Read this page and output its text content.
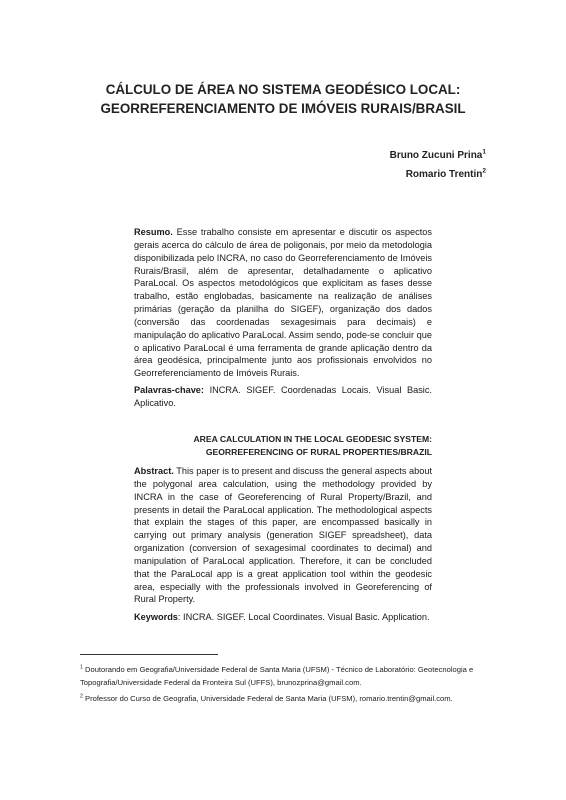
CÁLCULO DE ÁREA NO SISTEMA GEODÉSICO LOCAL:
GEORREFERENCIAMENTO DE IMÓVEIS RURAIS/BRASIL
Bruno Zucuni Prina$^1$
Romario Trentin$^2$
Resumo. Esse trabalho consiste em apresentar e discutir os aspectos gerais acerca do cálculo de área de poligonais, por meio da metodologia disponibilizada pelo INCRA, no caso do Georreferenciamento de Imóveis Rurais/Brasil, além de apresentar, detalhadamente o aplicativo ParaLocal. Os aspectos metodológicos que explicitam as fases desse trabalho, estão englobadas, basicamente na realização de análises primárias (geração da planilha do SIGEF), organização dos dados (conversão das coordenadas sexagesimais para decimais) e manipulação do aplicativo ParaLocal. Assim sendo, pode-se concluir que o aplicativo ParaLocal é uma ferramenta de grande aplicação dentro da área geodésica, principalmente junto aos profissionais envolvidos no Georreferenciamento de Imóveis Rurais.
Palavras-chave: INCRA. SIGEF. Coordenadas Locais. Visual Basic. Aplicativo.
AREA CALCULATION IN THE LOCAL GEODESIC SYSTEM:
GEORREFERENCING OF RURAL PROPERTIES/BRAZIL
Abstract. This paper is to present and discuss the general aspects about the polygonal area calculation, using the methodology provided by INCRA in the case of Georeferencing of Rural Property/Brazil, and presents in detail the ParaLocal application. The methodological aspects that explain the stages of this paper, are encompassed basically in carrying out primary analysis (generation SIGEF spreadsheet), data organization (conversion of sexagesimal coordinates to decimal) and manipulation of ParaLocal application. Therefore, it can be concluded that the ParaLocal app is a great application tool within the geodesic area, especially with the professionals involved in Georeferencing of Rural Property.
Keywords: INCRA. SIGEF. Local Coordinates. Visual Basic. Application.
$^1$ Doutorando em Geografia/Universidade Federal de Santa Maria (UFSM) - Técnico de Laboratório: Geotecnologia e Topografia/Universidade Federal da Fronteira Sul (UFFS), brunozprina@gmail.com.
$^2$ Professor do Curso de Geografia, Universidade Federal de Santa Maria (UFSM), romario.trentin@gmail.com.
